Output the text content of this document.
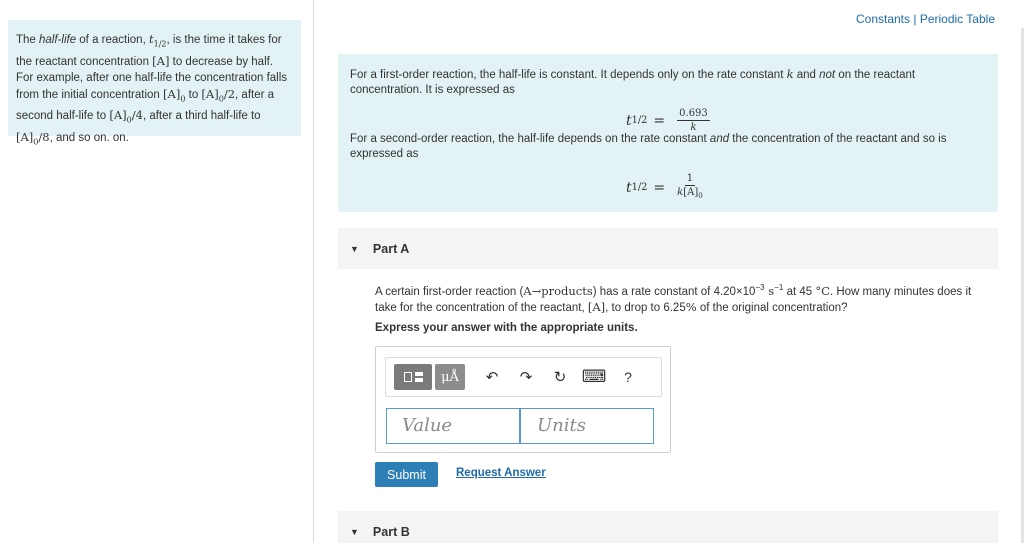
The half-life of a reaction, $t_{1/2}$, is the time it takes for the reactant concentration [A] to decrease by half. For example, after one half-life the concentration falls from the initial concentration $[A]_0$ to $[A]_0/2$, after a second half-life to $[A]_0/4$, after a third half-life to $[A]_0/8$, and so on. on.
Constants | Periodic Table
For a first-order reaction, the half-life is constant. It depends only on the rate constant k and not on the reactant concentration. It is expressed as
t $1/2 = \frac{0.693}{k}$
For a second-order reaction, the half-life depends on the rate constant and the concentration of the reactant and so is expressed as
t $1/2 = \frac{1}{k[A]_0}$
▼ Part A
A certain first-order reaction (A→products) has a rate constant of $4.20\times 10^{-3}$ $s^{-1}$ at 45 °C. How many minutes does it take for the concentration of the reactant, [A], to drop to 6.25% of the original concentration?
Express your answer with the appropriate units.
μÅ	↶	↷	↻ ⌨	?
Value	Units
Submit	Request Answer
▼ Part B
